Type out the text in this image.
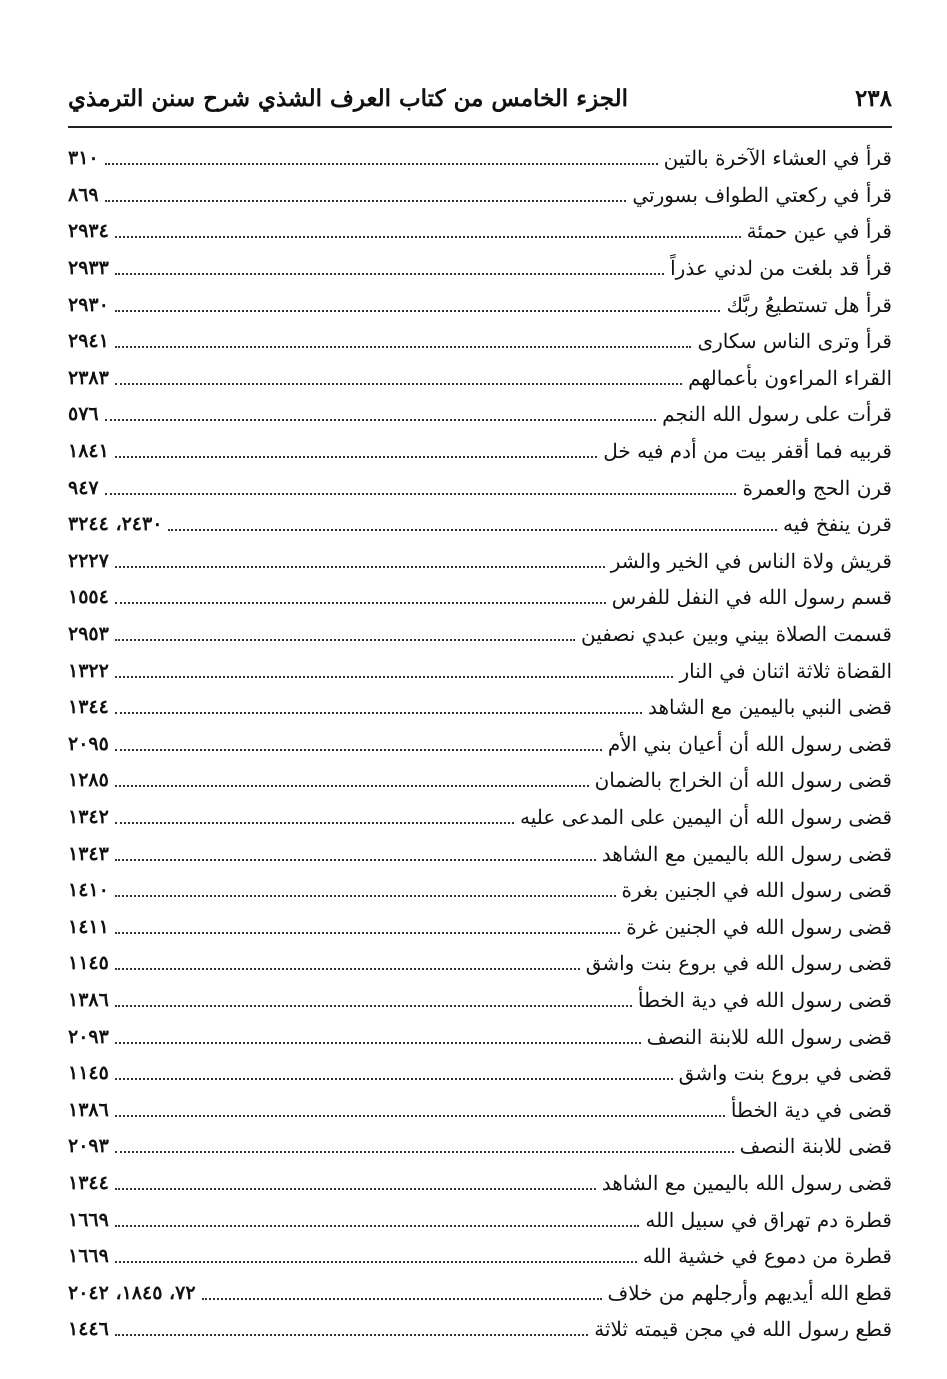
٢٣٨
الجزء الخامس من كتاب العرف الشذي شرح سنن الترمذي
قرأ في العشاء الآخرة بالتين
٣١٠
قرأ في ركعتي الطواف بسورتي
٨٦٩
قرأ في عين حمئة
٢٩٣٤
قرأ قد بلغت من لدني عذراً
٢٩٣٣
قرأ هل تستطيعُ ربَّك
٢٩٣٠
قرأ وترى الناس سكارى
٢٩٤١
القراء المراءون بأعمالهم
٢٣٨٣
قرأت على رسول الله النجم
٥٧٦
قربيه فما أقفر بيت من أدم فيه خل
١٨٤١
قرن الحج والعمرة
٩٤٧
قرن ينفخ فيه
٢٤٣٠، ٣٢٤٤
قريش ولاة الناس في الخير والشر
٢٢٢٧
قسم رسول الله في النفل للفرس
١٥٥٤
قسمت الصلاة بيني وبين عبدي نصفين
٢٩٥٣
القضاة ثلاثة اثنان في النار
١٣٢٢
قضى النبي باليمين مع الشاهد
١٣٤٤
قضى رسول الله أن أعيان بني الأم
٢٠٩٥
قضى رسول الله أن الخراج بالضمان
١٢٨٥
قضى رسول الله أن اليمين على المدعى عليه
١٣٤٢
قضى رسول الله باليمين مع الشاهد
١٣٤٣
قضى رسول الله في الجنين بغرة
١٤١٠
قضى رسول الله في الجنين غرة
١٤١١
قضى رسول الله في بروع بنت واشق
١١٤٥
قضى رسول الله في دية الخطأ
١٣٨٦
قضى رسول الله للابنة النصف
٢٠٩٣
قضى في بروع بنت واشق
١١٤٥
قضى في دية الخطأ
١٣٨٦
قضى للابنة النصف
٢٠٩٣
قضى رسول الله باليمين مع الشاهد
١٣٤٤
قطرة دم تهراق في سبيل الله
١٦٦٩
قطرة من دموع في خشية الله
١٦٦٩
قطع الله أيديهم وأرجلهم من خلاف
٧٢، ١٨٤٥، ٢٠٤٢
قطع رسول الله في مجن قيمته ثلاثة
١٤٤٦
